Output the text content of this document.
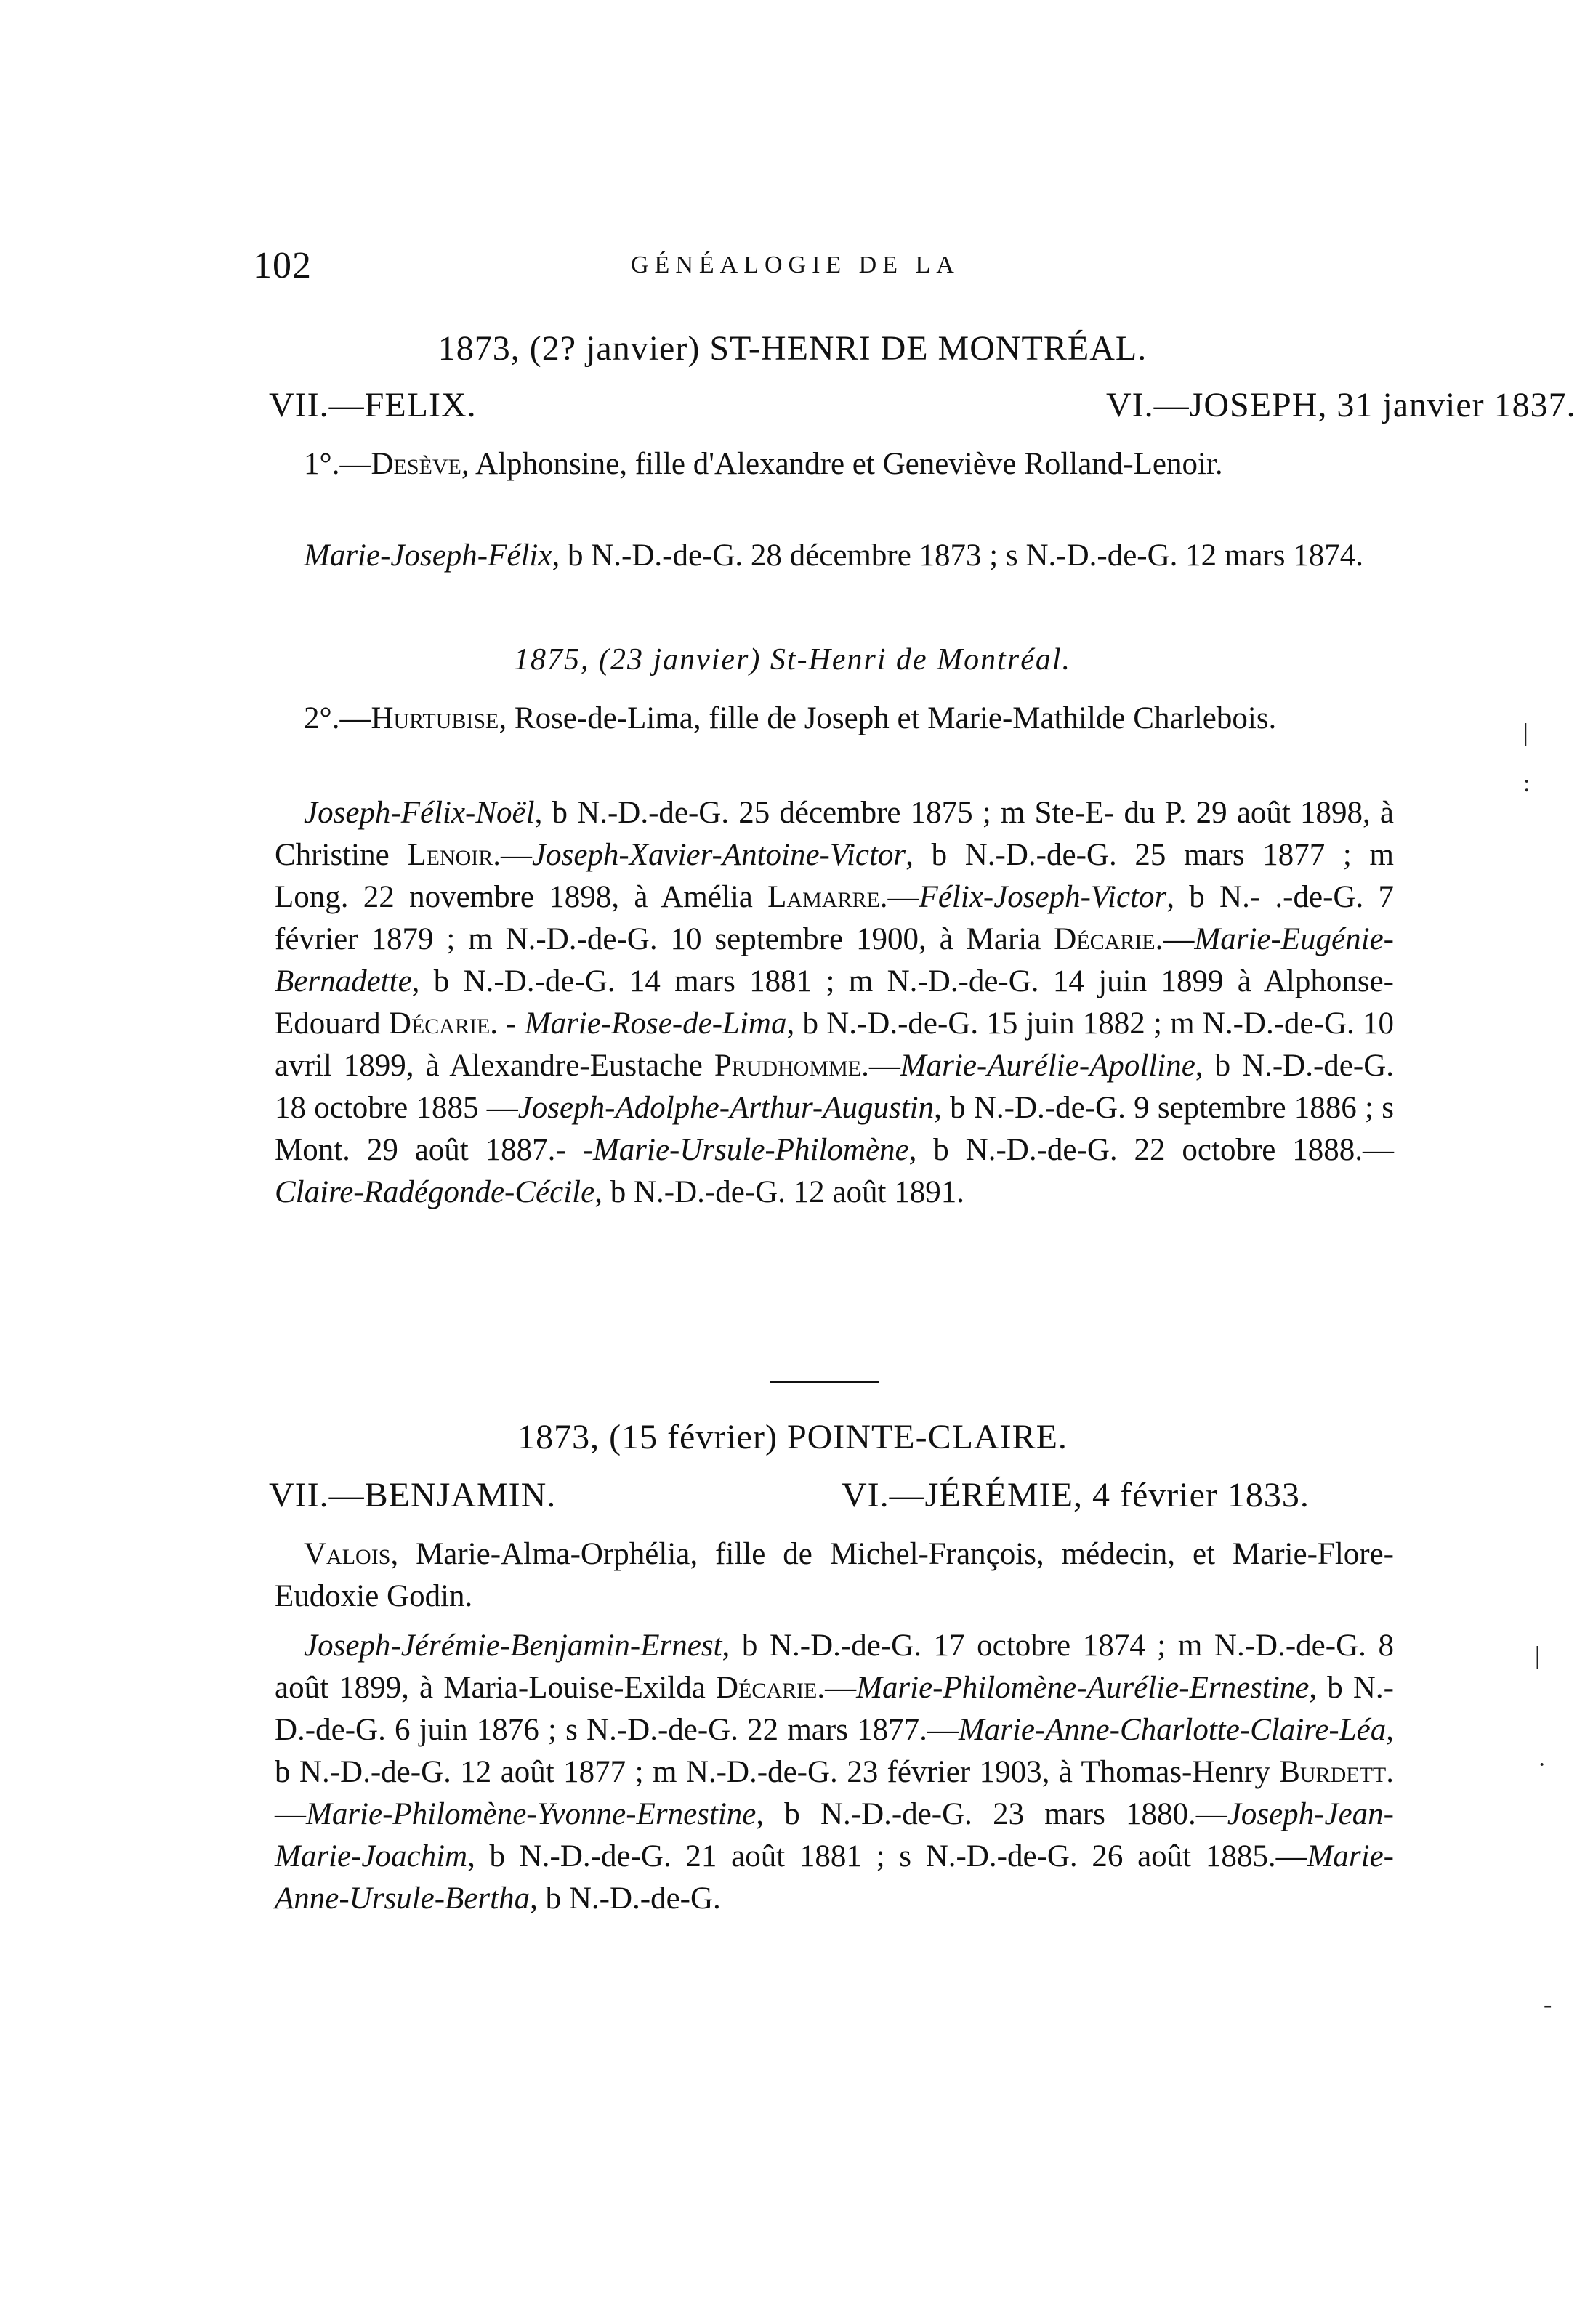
102	GÉNÉALOGIE DE LA
1873, (2? janvier) ST-HENRI DE MONTRÉAL.
VII.—FELIX.	VI.—JOSEPH, 31 janvier 1837.

1°.—Desève, Alphonsine, fille d'Alexandre et Geneviève Rolland-Lenoir.

Marie-Joseph-Félix, b N.-D.-de-G. 28 décembre 1873 ; s N.-D.-de-G. 12 mars 1874.

1875, (23 janvier) St-Henri de Montréal.

2°.—Hurtubise, Rose-de-Lima, fille de Joseph et Marie-Mathilde Charlebois.

Joseph-Félix-Noël, b N.-D.-de-G. 25 décembre 1875 ; m Ste-E- du P. 29 août 1898, à Christine Lenoir.—Joseph-Xavier-Antoine-Victor, b N.-D.-de-G. 25 mars 1877 ; m Long. 22 novembre 1898, à Amélia Lamarre.—Félix-Joseph-Victor, b N.- .-de-G. 7 février 1879 ; m N.-D.-de-G. 10 septembre 1900, à Maria Décarie.—Marie-Eugénie-Bernadette, b N.-D.-de-G. 14 mars 1881 ; m N.-D.-de-G. 14 juin 1899 à Alphonse-Edouard Décarie. - Marie-Rose-de-Lima, b N.-D.-de-G. 15 juin 1882 ; m N.-D.-de-G. 10 avril 1899, à Alexandre-Eustache Prudhomme.—Marie-Aurélie-Apolline, b N.-D.-de-G. 18 octobre 1885 —Joseph-Adolphe-Arthur-Augustin, b N.-D.-de-G. 9 septembre 1886 ; s Mont. 29 août 1887.- -Marie-Ursule-Philomène, b N.-D.-de-G. 22 octobre 1888.—Claire-Radégonde-Cécile, b N.-D.-de-G. 12 août 1891.

1873, (15 février) POINTE-CLAIRE.
VII.—BENJAMIN.	VI.—JÉRÉMIE, 4 février 1833.

Valois, Marie-Alma-Orphélia, fille de Michel-François, médecin, et Marie-Flore-Eudoxie Godin.

Joseph-Jérémie-Benjamin-Ernest, b N.-D.-de-G. 17 octobre 1874 ; m N.-D.-de-G. 8 août 1899, à Maria-Louise-Exilda Décarie.—Marie-Philomène-Aurélie-Ernestine, b N.-D.-de-G. 6 juin 1876 ; s N.-D.-de-G. 22 mars 1877.—Marie-Anne-Charlotte-Claire-Léa, b N.-D.-de-G. 12 août 1877 ; m N.-D.-de-G. 23 février 1903, à Thomas-Henry Burdett.—Marie-Philomène-Yvonne-Ernestine, b N.-D.-de-G. 23 mars 1880.—Joseph-Jean-Marie-Joachim, b N.-D.-de-G. 21 août 1881 ; s N.-D.-de-G. 26 août 1885.—Marie-Anne-Ursule-Bertha, b N.-D.-de-G.

|
:
|
·
-
